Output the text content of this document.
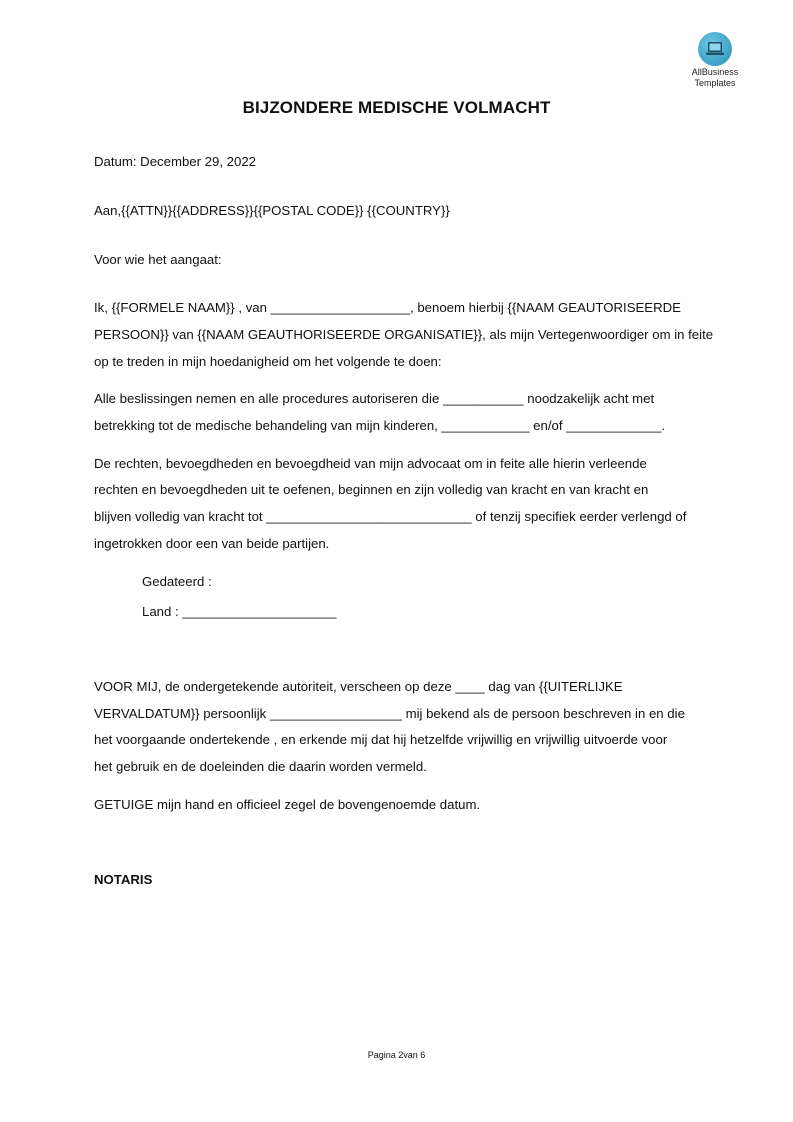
AllBusiness
Templates
BIJZONDERE MEDISCHE VOLMACHT
Datum: December 29, 2022
Aan,{{ATTN}}{{ADDRESS}}{{POSTAL CODE}} {{COUNTRY}}
Voor wie het aangaat:
Ik, {{FORMELE NAAM}} , van ___________________, benoem hierbij {{NAAM GEAUTORISEERDE
PERSOON}} van {{NAAM GEAUTHORISEERDE ORGANISATIE}}, als mijn Vertegenwoordiger om in feite
op te treden in mijn hoedanigheid om het volgende te doen:
Alle beslissingen nemen en alle procedures autoriseren die ___________ noodzakelijk acht met
betrekking tot de medische behandeling van mijn kinderen, ____________ en/of _____________.
De rechten, bevoegdheden en bevoegdheid van mijn advocaat om in feite alle hierin verleende
rechten en bevoegdheden uit te oefenen, beginnen en zijn volledig van kracht en van kracht en
blijven volledig van kracht tot ____________________________ of tenzij specifiek eerder verlengd of
ingetrokken door een van beide partijen.
Gedateerd :
Land : _____________________
VOOR MIJ, de ondergetekende autoriteit, verscheen op deze ____ dag van {{UITERLIJKE
VERVALDATUM}} persoonlijk __________________ mij bekend als de persoon beschreven in en die
het voorgaande ondertekende , en erkende mij dat hij hetzelfde vrijwillig en vrijwillig uitvoerde voor
het gebruik en de doeleinden die daarin worden vermeld.
GETUIGE mijn hand en officieel zegel de bovengenoemde datum.
NOTARIS
Pagina 2van 6
